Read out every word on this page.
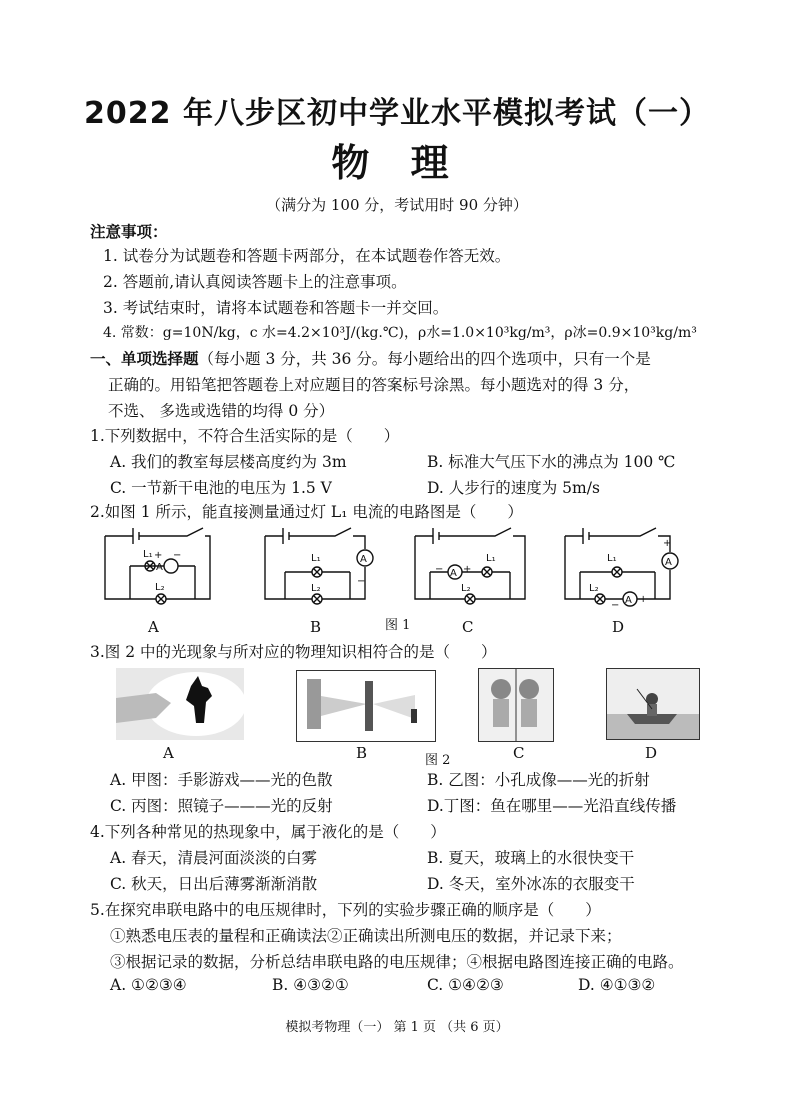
2022 年八步区初中学业水平模拟考试（一）
物 理
（满分为 100 分，考试用时 90 分钟）
注意事项：
1. 试卷分为试题卷和答题卡两部分，在本试题卷作答无效。
2. 答题前,请认真阅读答题卡上的注意事项。
3. 考试结束时，请将本试题卷和答题卡一并交回。
4. 常数：g=10N/kg，c 水=4.2×10³J/(kg.℃)，ρ水=1.0×10³kg/m³，ρ冰=0.9×10³kg/m³
一、单项选择题（每小题 3 分，共 36 分。每小题给出的四个选项中，只有一个是
正确的。用铅笔把答题卷上对应题目的答案标号涂黑。每小题选对的得 3 分，
不选、 多选或选错的均得 0 分）
1.下列数据中，不符合生活实际的是（　　）
A. 我们的教室每层楼高度约为 3m	B. 标准大气压下水的沸点为 100 ℃
C. 一节新干电池的电压为 1.5 V	D. 人步行的速度为 5m/s
2.如图 1 所示，能直接测量通过灯 L₁ 电流的电路图是（　　）
L₁
A
+ −
L₂
L₁	A
−
L₂
L₁
A
− +
L₂
L₁	A
+
L₂
A +
−
A	B	图 1	C	D
3.图 2 中的光现象与所对应的物理知识相符合的是（　　）
A	B	图 2	C	D
A. 甲图：手影游戏——光的色散	B. 乙图：小孔成像——光的折射
C. 丙图：照镜子———光的反射	D.丁图：鱼在哪里——光沿直线传播
4.下列各种常见的热现象中，属于液化的是（　　）
A. 春天，清晨河面淡淡的白雾	B. 夏天，玻璃上的水很快变干
C. 秋天，日出后薄雾渐渐消散	D. 冬天，室外冰冻的衣服变干
5.在探究串联电路中的电压规律时，下列的实验步骤正确的顺序是（　　）
①熟悉电压表的量程和正确读法②正确读出所测电压的数据，并记录下来；
③根据记录的数据，分析总结串联电路的电压规律；④根据电路图连接正确的电路。
A. ①②③④	B. ④③②①	C. ①④②③	D. ④①③②
模拟考物理（一） 第 1 页 （共 6 页）
